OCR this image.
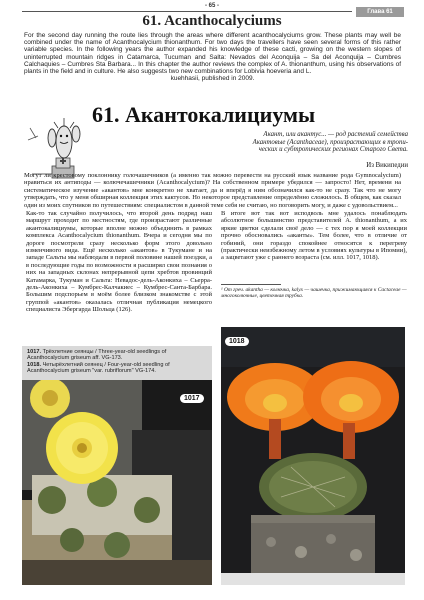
- 65 -
Глава 61
61. Acanthocalyciums

For the second day running the route lies through the areas where different acanthocalyciums grow. These plants may well be combined under the name of Acanthocalycium thionanthum. For two days the travellers have seen several forms of this rather variable species. In the following years the author expanded his knowledge of these cacti, growing on the western slopes of uninterrupted mountain ridges in Catamarca, Tucuman and Salta: Nevados del Aconquija – Sa del Aconquija – Cumbres Calchaquies – Cumbres Sta Barbara... In this chapter the author reviews the complex of A. thionanthum, using his observations of plants in the field and in culture. He also suggests two new combinations for Lobivia hoeveria and L.
kuehhasii, published in 2009.

61. Акантокалициумы

Акант, или акантус... — род растений семейства
Акантовые (Acanthaceae), произрастающих в тропи-
ческих и субтропических регионах Старого Света.

Из Википедии

Могут ли крестовому поклоннику голочашечников (а именно так можно перевести на русский язык название рода Gymnocalycium) нравиться их антиподы — колючечашечники (Acanthocalycium)? На собственном примере убедился — запросто! Нет, времени на систематическое изучение «акантов» мне конкретно не хватает, да и вперёд я ним обозначился как-то не сразу. Так что не могу утверждать, что у меня обширная коллекция этих кактусов. Но некоторое представление определённо сложилось. В общем, как сказал один из моих спутников по путешествиям: специалистом в данной теме себя не считаю, но поговорить могу, и даже с удовольствием...

Как-то так случайно получилось, что второй день подряд наш маршрут проходит по местностям, где произрастают различные акантокалициумы, которые вполне можно объединить в рамках комплекса Acanthocalycium thionanthum. Вчера и сегодня мы по дороге посмотрели сразу несколько форм этого довольно изменчивого вида. Ещё несколько «акантов» в Тукумане и на западе Сальты мы наблюдали в первой половине нашей поездки, а в последующие годы по возможности я расширял свои познания о них на западных склонах непрерывной цепи хребтов провинций Катамарка, Тукуман и Сальта: Невадос-дель-Аконкиха – Сьерра-дель-Аконкиха – Кумбрес-Калчакиес – Кумбрес-Санта-Барбара. Большим подспорьем в моём более близком знакомстве с этой группой «акантов» оказалась отличная публикация немецкого специалиста Эбергарда Шольца (126).

В итоге вот так вот исподволь мне удалось понаблюдать абсолютное большинство представителей A. thionanthum, а их яркие цветки сделали своё дело — с тех пор я моей коллекции прочно обосновались «аканты». Тем более, что в отличие от гобиний, они гораздо спокойнее относятся к перегреву (практически неизбежному летом в условиях культуры в Ипомии), а зацветают уже с раннего возраста (см. илл. 1017, 1018).

¹ От греч. akantha — колючка, kalyx — чашечка, прижимающаяся к Cactaceae — многоколючные, цветочная трубка.

1017. Трёхлетние сеянцы / Three-year-old seedlings of Acanthocalycium griseum aff. VG-173.
1018. Четырёхлетний сеянец / Four-year-old seedling of Acanthocalycium griseum "var. rubriflorum" VG-174.
1017
1018
